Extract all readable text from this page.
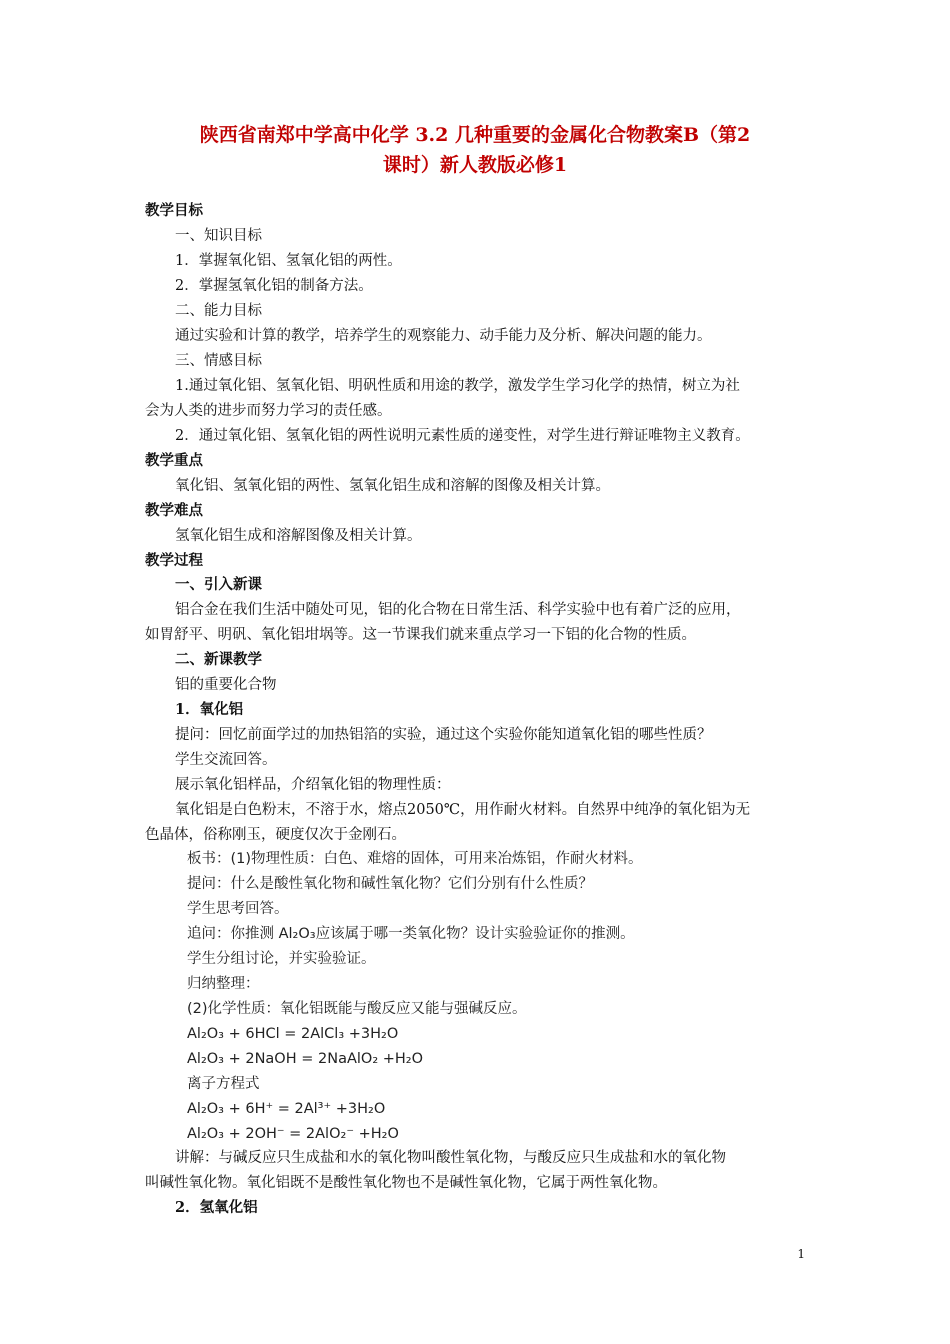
陕西省南郑中学高中化学 3.2 几种重要的金属化合物教案B（第2
课时）新人教版必修1
教学目标
一、知识目标
1．掌握氧化铝、氢氧化铝的两性。
2．掌握氢氧化铝的制备方法。
二、能力目标
通过实验和计算的教学，培养学生的观察能力、动手能力及分析、解决问题的能力。
三、情感目标
1.通过氧化铝、氢氧化铝、明矾性质和用途的教学，激发学生学习化学的热情，树立为社
会为人类的进步而努力学习的责任感。
2．通过氧化铝、氢氧化铝的两性说明元素性质的递变性，对学生进行辩证唯物主义教育。
教学重点
氧化铝、氢氧化铝的两性、氢氧化铝生成和溶解的图像及相关计算。
教学难点
氢氧化铝生成和溶解图像及相关计算。
教学过程
一、引入新课
铝合金在我们生活中随处可见，铝的化合物在日常生活、科学实验中也有着广泛的应用，
如胃舒平、明矾、氧化铝坩埚等。这一节课我们就来重点学习一下铝的化合物的性质。
二、新课教学
铝的重要化合物
1．氧化铝
提问：回忆前面学过的加热铝箔的实验，通过这个实验你能知道氧化铝的哪些性质？
学生交流回答。
展示氧化铝样品，介绍氧化铝的物理性质：
氧化铝是白色粉末，不溶于水，熔点2050℃，用作耐火材料。自然界中纯净的氧化铝为无
色晶体，俗称刚玉，硬度仅次于金刚石。
板书：(1)物理性质：白色、难熔的固体，可用来冶炼铝，作耐火材料。
提问：什么是酸性氧化物和碱性氧化物？它们分别有什么性质？
学生思考回答。
追问：你推测 Al₂O₃应该属于哪一类氧化物？设计实验验证你的推测。
学生分组讨论，并实验验证。
归纳整理：
(2)化学性质：氧化铝既能与酸反应又能与强碱反应。
Al₂O₃ + 6HCl = 2AlCl₃ +3H₂O
Al₂O₃ + 2NaOH = 2NaAlO₂ +H₂O
离子方程式
Al₂O₃ + 6H⁺ = 2Al³⁺ +3H₂O
Al₂O₃ + 2OH⁻ = 2AlO₂⁻ +H₂O
讲解：与碱反应只生成盐和水的氧化物叫酸性氧化物，与酸反应只生成盐和水的氧化物
叫碱性氧化物。氧化铝既不是酸性氧化物也不是碱性氧化物，它属于两性氧化物。
2．氢氧化铝
1
